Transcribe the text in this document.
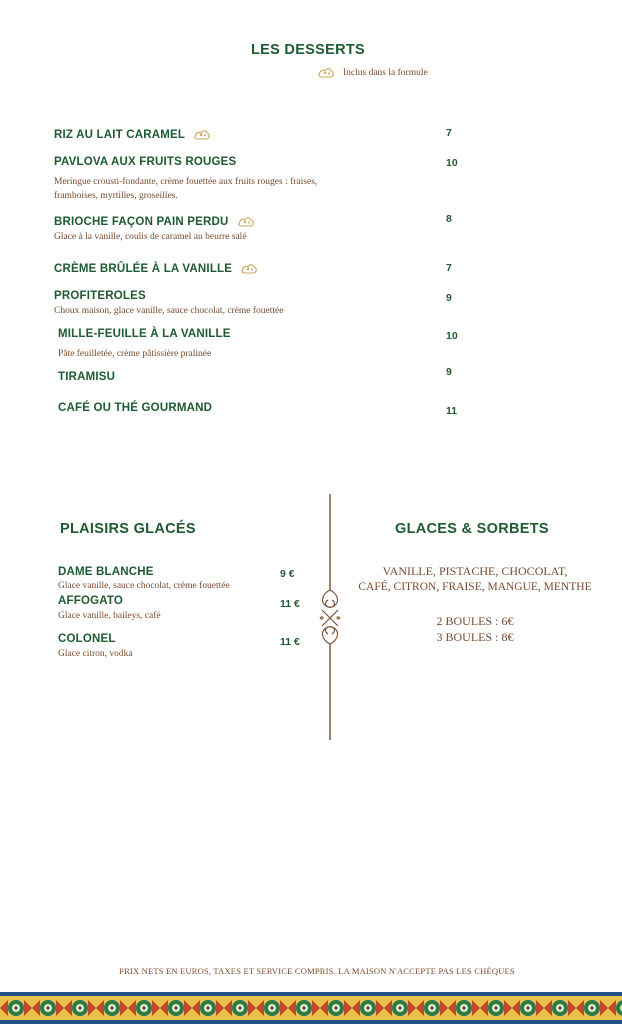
LES DESSERTS
Inclus dans la formule
RIZ AU LAIT CARAMEL	7
PAVLOVA AUX FRUITS ROUGES	10
Meringue crousti-fondante, crème fouettée aux fruits rouges : fraises, framboises, myrtilles, groseilles.
BRIOCHE FAÇON PAIN PERDU	8
Glace à la vanille, coulis de caramel au beurre salé
CRÈME BRÛLÉE À LA VANILLE	7
PROFITEROLES	9
Choux maison, glace vanille, sauce chocolat, crème fouettée
MILLE-FEUILLE À LA VANILLE	10
Pâte feuilletée, crème pâtissière pralinée
TIRAMISU	9
CAFÉ OU THÉ GOURMAND	11
PLAISIRS GLACÉS
DAME BLANCHE	9 €
Glace vanille, sauce chocolat, crème fouettée
AFFOGATO	11 €
Glace vanille, baileys, café
COLONEL	11 €
Glace citron, vodka
GLACES & SORBETS
VANILLE, PISTACHE, CHOCOLAT,
CAFÉ, CITRON, FRAISE, MANGUE, MENTHE
2 BOULES : 6€
3 BOULES : 8€
PRIX NETS EN EUROS, TAXES ET SERVICE COMPRIS. LA MAISON N'ACCEPTE PAS LES CHÈQUES
